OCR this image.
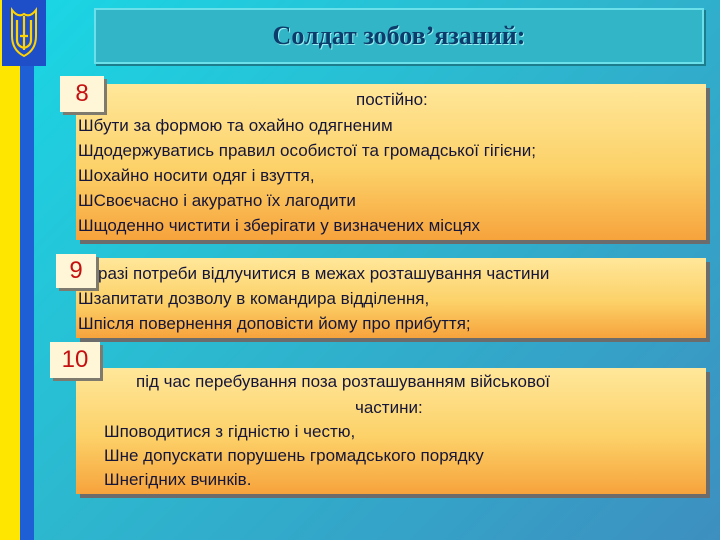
Солдат зобов’язаний:
8	постійно:
Шбути за формою та охайно одягненим
Шдодержуватись правил особистої та громадської гігієни;
Шохайно носити одяг і взуття,
ШСвоєчасно і акуратно їх лагодити
Шщоденно чистити і зберігати у визначених місцях
9 разі потреби відлучитися в межах розташування частини
Шзапитати дозволу в командира відділення,
Шпісля повернення доповісти йому про прибуття;
10
під час перебування поза розташуванням військової
частини:
Шповодитися з гідністю і честю,
Шне допускати порушень громадського порядку
Шнегідних вчинків.
